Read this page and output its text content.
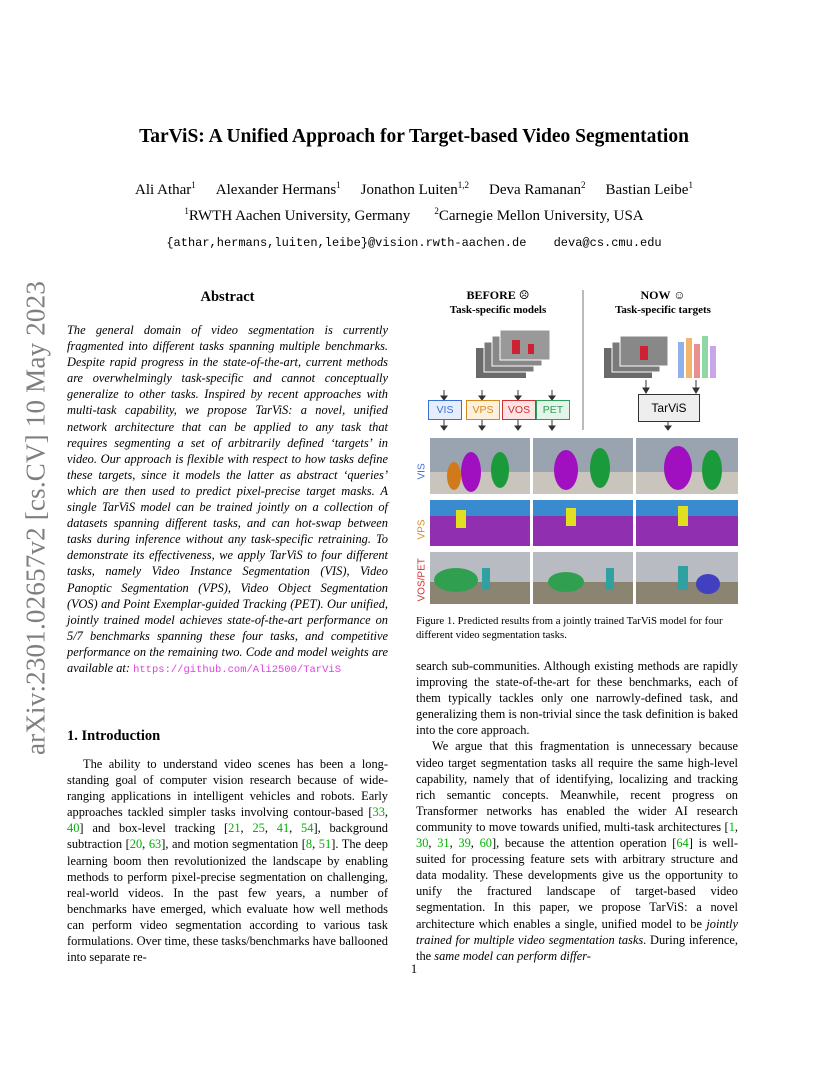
arXiv:2301.02657v2 [cs.CV] 10 May 2023
TarViS: A Unified Approach for Target-based Video Segmentation
Ali Athar$^1$ Alexander Hermans$^1$ Jonathon Luiten$^{1,2}$ Deva Ramanan$^2$ Bastian Leibe$^1$
$^1$RWTH Aachen University, Germany	$^2$Carnegie Mellon University, USA
{athar,hermans,luiten,leibe}@vision.rwth-aachen.de deva@cs.cmu.edu
Abstract
The general domain of video segmentation is currently fragmented into different tasks spanning multiple benchmarks. Despite rapid progress in the state-of-the-art, current methods are overwhelmingly task-specific and cannot conceptually generalize to other tasks. Inspired by recent approaches with multi-task capability, we propose TarViS: a novel, unified network architecture that can be applied to any task that requires segmenting a set of arbitrarily defined ‘targets’ in video. Our approach is flexible with respect to how tasks define these targets, since it models the latter as abstract ‘queries’ which are then used to predict pixel-precise target masks. A single TarViS model can be trained jointly on a collection of datasets spanning different tasks, and can hot-swap between tasks during inference without any task-specific retraining. To demonstrate its effectiveness, we apply TarViS to four different tasks, namely Video Instance Segmentation (VIS), Video Panoptic Segmentation (VPS), Video Object Segmentation (VOS) and Point Exemplar-guided Tracking (PET). Our unified, jointly trained model achieves state-of-the-art performance on 5/7 benchmarks spanning these four tasks, and competitive performance on the remaining two. Code and model weights are available at: https://github.com/Ali2500/TarViS
1. Introduction
The ability to understand video scenes has been a long-standing goal of computer vision research because of wide-ranging applications in intelligent vehicles and robots. Early approaches tackled simpler tasks involving contour-based [33, 40] and box-level tracking [21, 25, 41, 54], background subtraction [20, 63], and motion segmentation [8, 51]. The deep learning boom then revolutionized the landscape by enabling methods to perform pixel-precise segmentation on challenging, real-world videos. In the past few years, a number of benchmarks have emerged, which evaluate how well methods can perform video segmentation according to various task formulations. Over time, these tasks/benchmarks have ballooned into separate re-
BEFORE ☹
Task-specific models
NOW ☺
Task-specific targets
VIS	VPS	VOS	PET	TarViS
VIS
VPS
VOS/PET
Figure 1. Predicted results from a jointly trained TarViS model for four different video segmentation tasks.

search sub-communities. Although existing methods are rapidly improving the state-of-the-art for these benchmarks, each of them typically tackles only one narrowly-defined task, and generalizing them is non-trivial since the task definition is baked into the core approach.

We argue that this fragmentation is unnecessary because video target segmentation tasks all require the same high-level capability, namely that of identifying, localizing and tracking rich semantic concepts. Meanwhile, recent progress on Transformer networks has enabled the wider AI research community to move towards unified, multi-task architectures [1, 30, 31, 39, 60], because the attention operation [64] is well-suited for processing feature sets with arbitrary structure and data modality. These developments give us the opportunity to unify the fractured landscape of target-based video segmentation. In this paper, we propose TarViS: a novel architecture which enables a single, unified model to be jointly trained for multiple video segmentation tasks. During inference, the same model can perform differ-

1
